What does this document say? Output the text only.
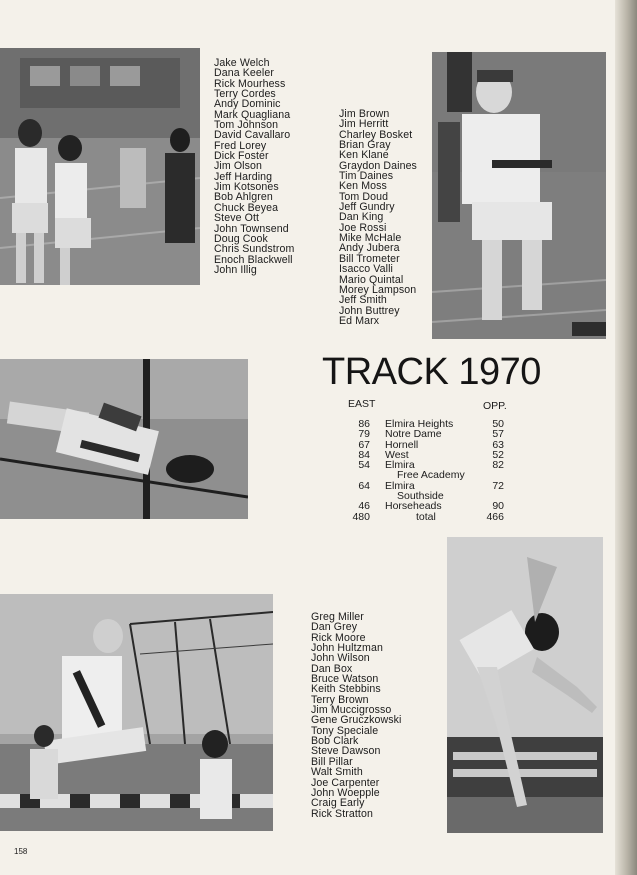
Jake Welch
Dana Keeler
Rick Mourhess
Terry Cordes
Andy Dominic
Mark Quagliana
Tom Johnson
David Cavallaro
Fred Lorey
Dick Foster
Jim Olson
Jeff Harding
Jim Kotsones
Bob Ahlgren
Chuck Beyea
Steve Ott
John Townsend
Doug Cook
Chris Sundstrom
Enoch Blackwell
John Illig
Jim Brown
Jim Herritt
Charley Bosket
Brian Gray
Ken Klane
Graydon Daines
Tim Daines
Ken Moss
Tom Doud
Jeff Gundry
Dan King
Joe Rossi
Mike McHale
Andy Jubera
Bill Trometer
Isacco Valli
Mario Quintal
Morey Lampson
Jeff Smith
John Buttrey
Ed Marx
TRACK 1970
EAST	OPP.
86 Elmira Heights	50
79 Notre Dame	57
67 Hornell	63
84 West	52
54 Elmira	82
Free Academy
64 Elmira	72
Southside
46 Horseheads	90
480	total	466
Greg Miller
Dan Grey
Rick Moore
John Hultzman
John Wilson
Dan Box
Bruce Watson
Keith Stebbins
Terry Brown
Jim Muccigrosso
Gene Gruczkowski
Tony Speciale
Bob Clark
Steve Dawson
Bill Pillar
Walt Smith
Joe Carpenter
John Woepple
Craig Early
Rick Stratton
158
